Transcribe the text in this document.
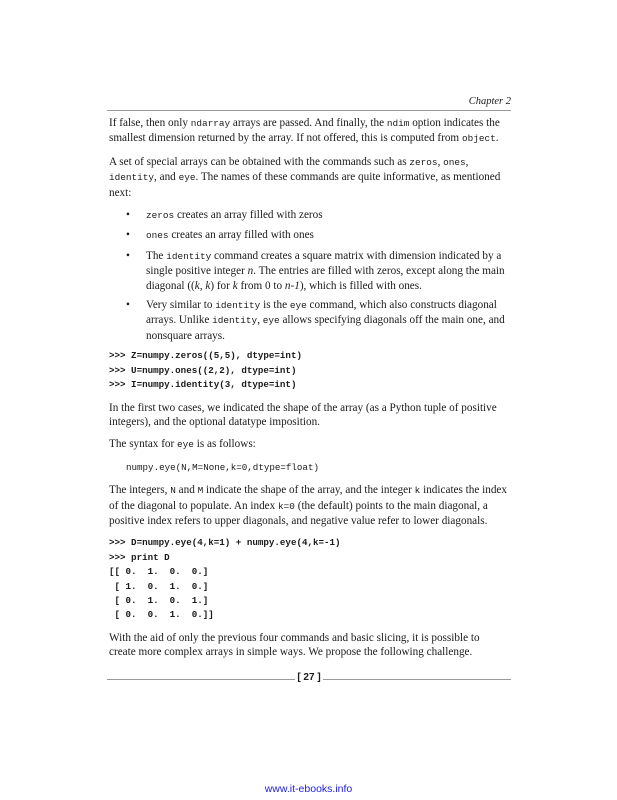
Chapter 2

If false, then only ndarray arrays are passed. And finally, the ndim option indicates the smallest dimension returned by the array. If not offered, this is computed from object.

A set of special arrays can be obtained with the commands such as zeros, ones, identity, and eye. The names of these commands are quite informative, as mentioned next:

• zeros creates an array filled with zeros
• ones creates an array filled with ones
• The identity command creates a square matrix with dimension indicated by a single positive integer n. The entries are filled with zeros, except along the main diagonal ((k, k) for k from 0 to n-1), which is filled with ones.
• Very similar to identity is the eye command, which also constructs diagonal arrays. Unlike identity, eye allows specifying diagonals off the main one, and nonsquare arrays.
>>> Z=numpy.zeros((5,5), dtype=int)
>>> U=numpy.ones((2,2), dtype=int)
>>> I=numpy.identity(3, dtype=int)

In the first two cases, we indicated the shape of the array (as a Python tuple of positive integers), and the optional datatype imposition.

The syntax for eye is as follows:

numpy.eye(N,M=None,k=0,dtype=float)

The integers, N and M indicate the shape of the array, and the integer k indicates the index of the diagonal to populate. An index k=0 (the default) points to the main diagonal, a positive index refers to upper diagonals, and negative value refer to lower diagonals.

>>> D=numpy.eye(4,k=1) + numpy.eye(4,k=-1)
>>> print D
[[ 0.  1.  0.  0.]
[ 1.  0.  1.  0.]
[ 0.  1.  0.  1.]
[ 0.  0.  1.  0.]]

With the aid of only the previous four commands and basic slicing, it is possible to create more complex arrays in simple ways. We propose the following challenge.

[ 27 ]
www.it-ebooks.info
